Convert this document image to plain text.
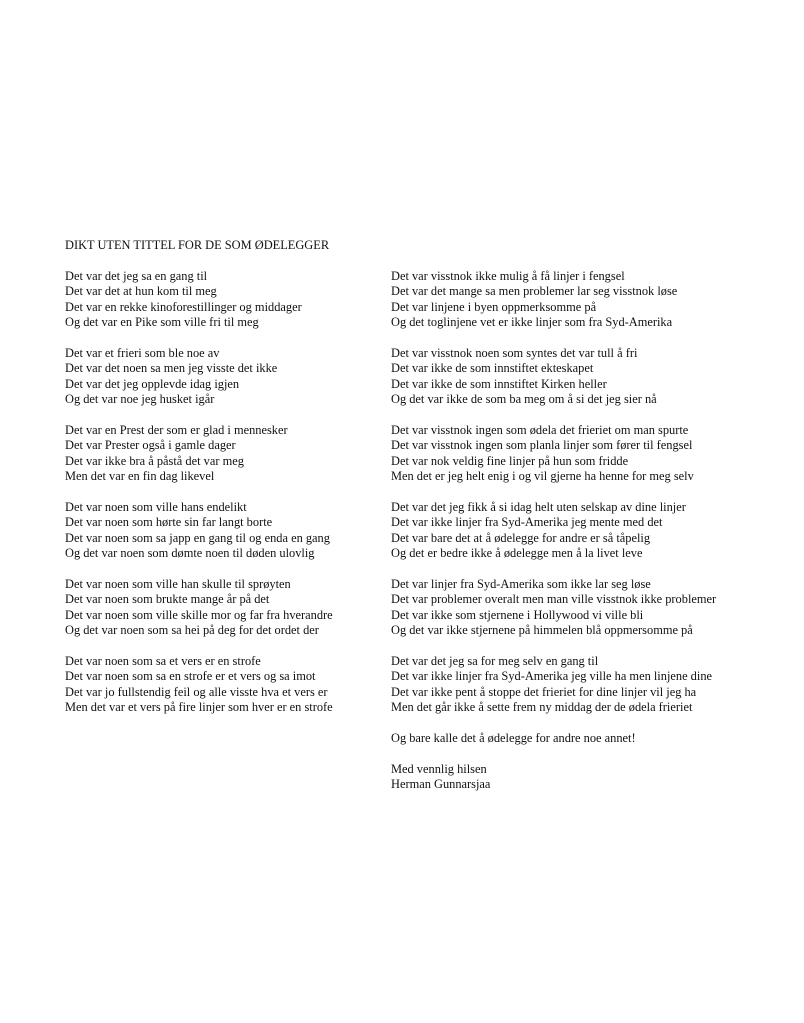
DIKT UTEN TITTEL FOR DE SOM ØDELEGGER
Det var det jeg sa en gang til
Det var det at hun kom til meg
Det var en rekke kinoforestillinger og middager
Og det var en Pike som ville fri til meg
Det var et frieri som ble noe av
Det var det noen sa men jeg visste det ikke
Det var det jeg opplevde idag igjen
Og det var noe jeg husket igår
Det var en Prest der som er glad i mennesker
Det var Prester også i gamle dager
Det var ikke bra å påstå det var meg
Men det var en fin dag likevel
Det var noen som ville hans endelikt
Det var noen som hørte sin far langt borte
Det var noen som sa japp en gang til og enda en gang
Og det var noen som dømte noen til døden ulovlig
Det var noen som ville han skulle til sprøyten
Det var noen som brukte mange år på det
Det var noen som ville skille mor og far fra hverandre
Og det var noen som sa hei på deg for det ordet der
Det var noen som sa et vers er en strofe
Det var noen som sa en strofe er et vers og sa imot
Det var jo fullstendig feil og alle visste hva et vers er
Men det var et vers på fire linjer som hver er en strofe
Det var visstnok ikke mulig å få linjer i fengsel
Det var det mange sa men problemer lar seg visstnok løse
Det var linjene i byen oppmerksomme på
Og det toglinjene vet er ikke linjer som fra Syd-Amerika
Det var visstnok noen som syntes det var tull å fri
Det var ikke de som innstiftet ekteskapet
Det var ikke de som innstiftet Kirken heller
Og det var ikke de som ba meg om å si det jeg sier nå
Det var visstnok ingen som ødela det frieriet om man spurte
Det var visstnok ingen som planla linjer som fører til fengsel
Det var nok veldig fine linjer på hun som fridde
Men det er jeg helt enig i og vil gjerne ha henne for meg selv
Det var det jeg fikk å si idag helt uten selskap av dine linjer
Det var ikke linjer fra Syd-Amerika jeg mente med det
Det var bare det at å ødelegge for andre er så tåpelig
Og det er bedre ikke å ødelegge men å la livet leve
Det var linjer fra Syd-Amerika som ikke lar seg løse
Det var problemer overalt men man ville visstnok ikke problemer
Det var ikke som stjernene i Hollywood vi ville bli
Og det var ikke stjernene på himmelen blå oppmersomme på
Det var det jeg sa for meg selv en gang til
Det var ikke linjer fra Syd-Amerika jeg ville ha men linjene dine
Det var ikke pent å stoppe det frieriet for dine linjer vil jeg ha
Men det går ikke å sette frem ny middag der de ødela frieriet
Og bare kalle det å ødelegge for andre noe annet!
Med vennlig hilsen
Herman Gunnarsjaa
